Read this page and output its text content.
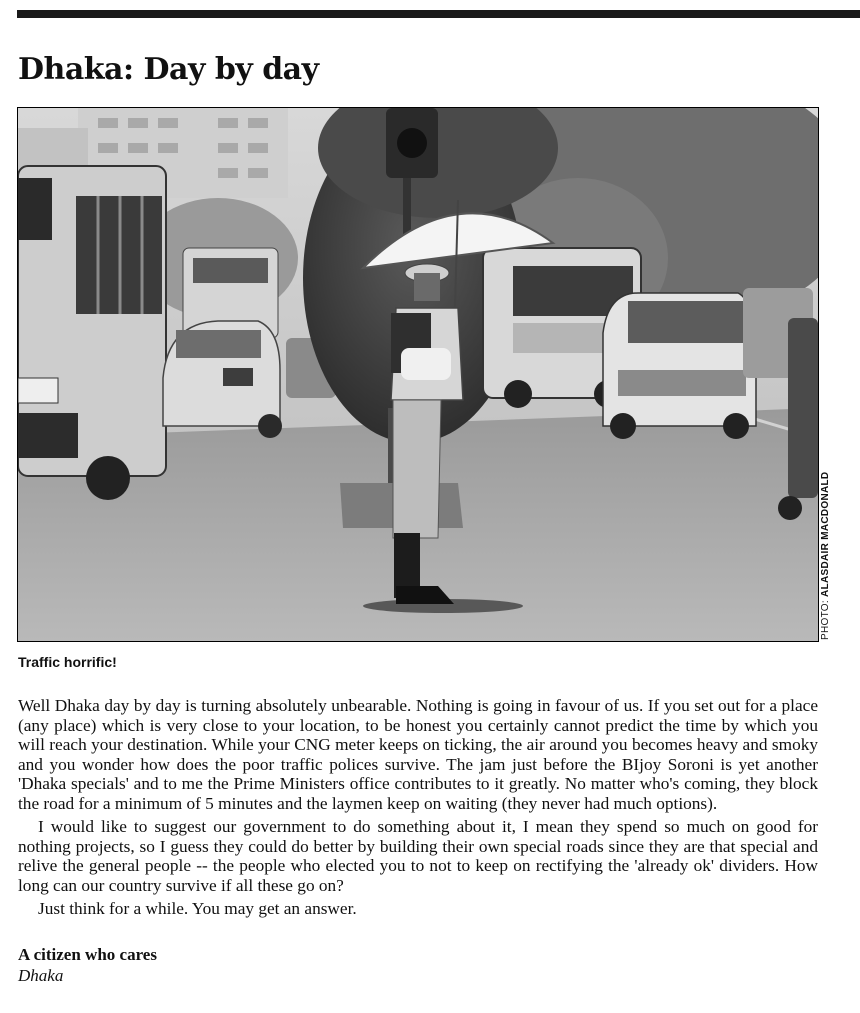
Dhaka: Day by day
PHOTO: ALASDAIR MACDONALD

Traffic horrific!

Well Dhaka day by day is turning absolutely unbearable. Nothing is going in favour of us. If you set out for a place (any place) which is very close to your location, to be honest you certainly cannot predict the time by which you will reach your destination. While your CNG meter keeps on ticking, the air around you becomes heavy and smoky and you wonder how does the poor traffic polices survive. The jam just before the BIjoy Soroni is yet another 'Dhaka specials' and to me the Prime Ministers office contributes to it greatly. No matter who's coming, they block the road for a minimum of 5 minutes and the laymen keep on waiting (they never had much options).

I would like to suggest our government to do something about it, I mean they spend so much on good for nothing projects, so I guess they could do better by building their own special roads since they are that special and relive the general people -- the people who elected you to not to keep on rectifying the 'already ok' dividers. How long can our country survive if all these go on?

Just think for a while. You may get an answer.

A citizen who cares
Dhaka
